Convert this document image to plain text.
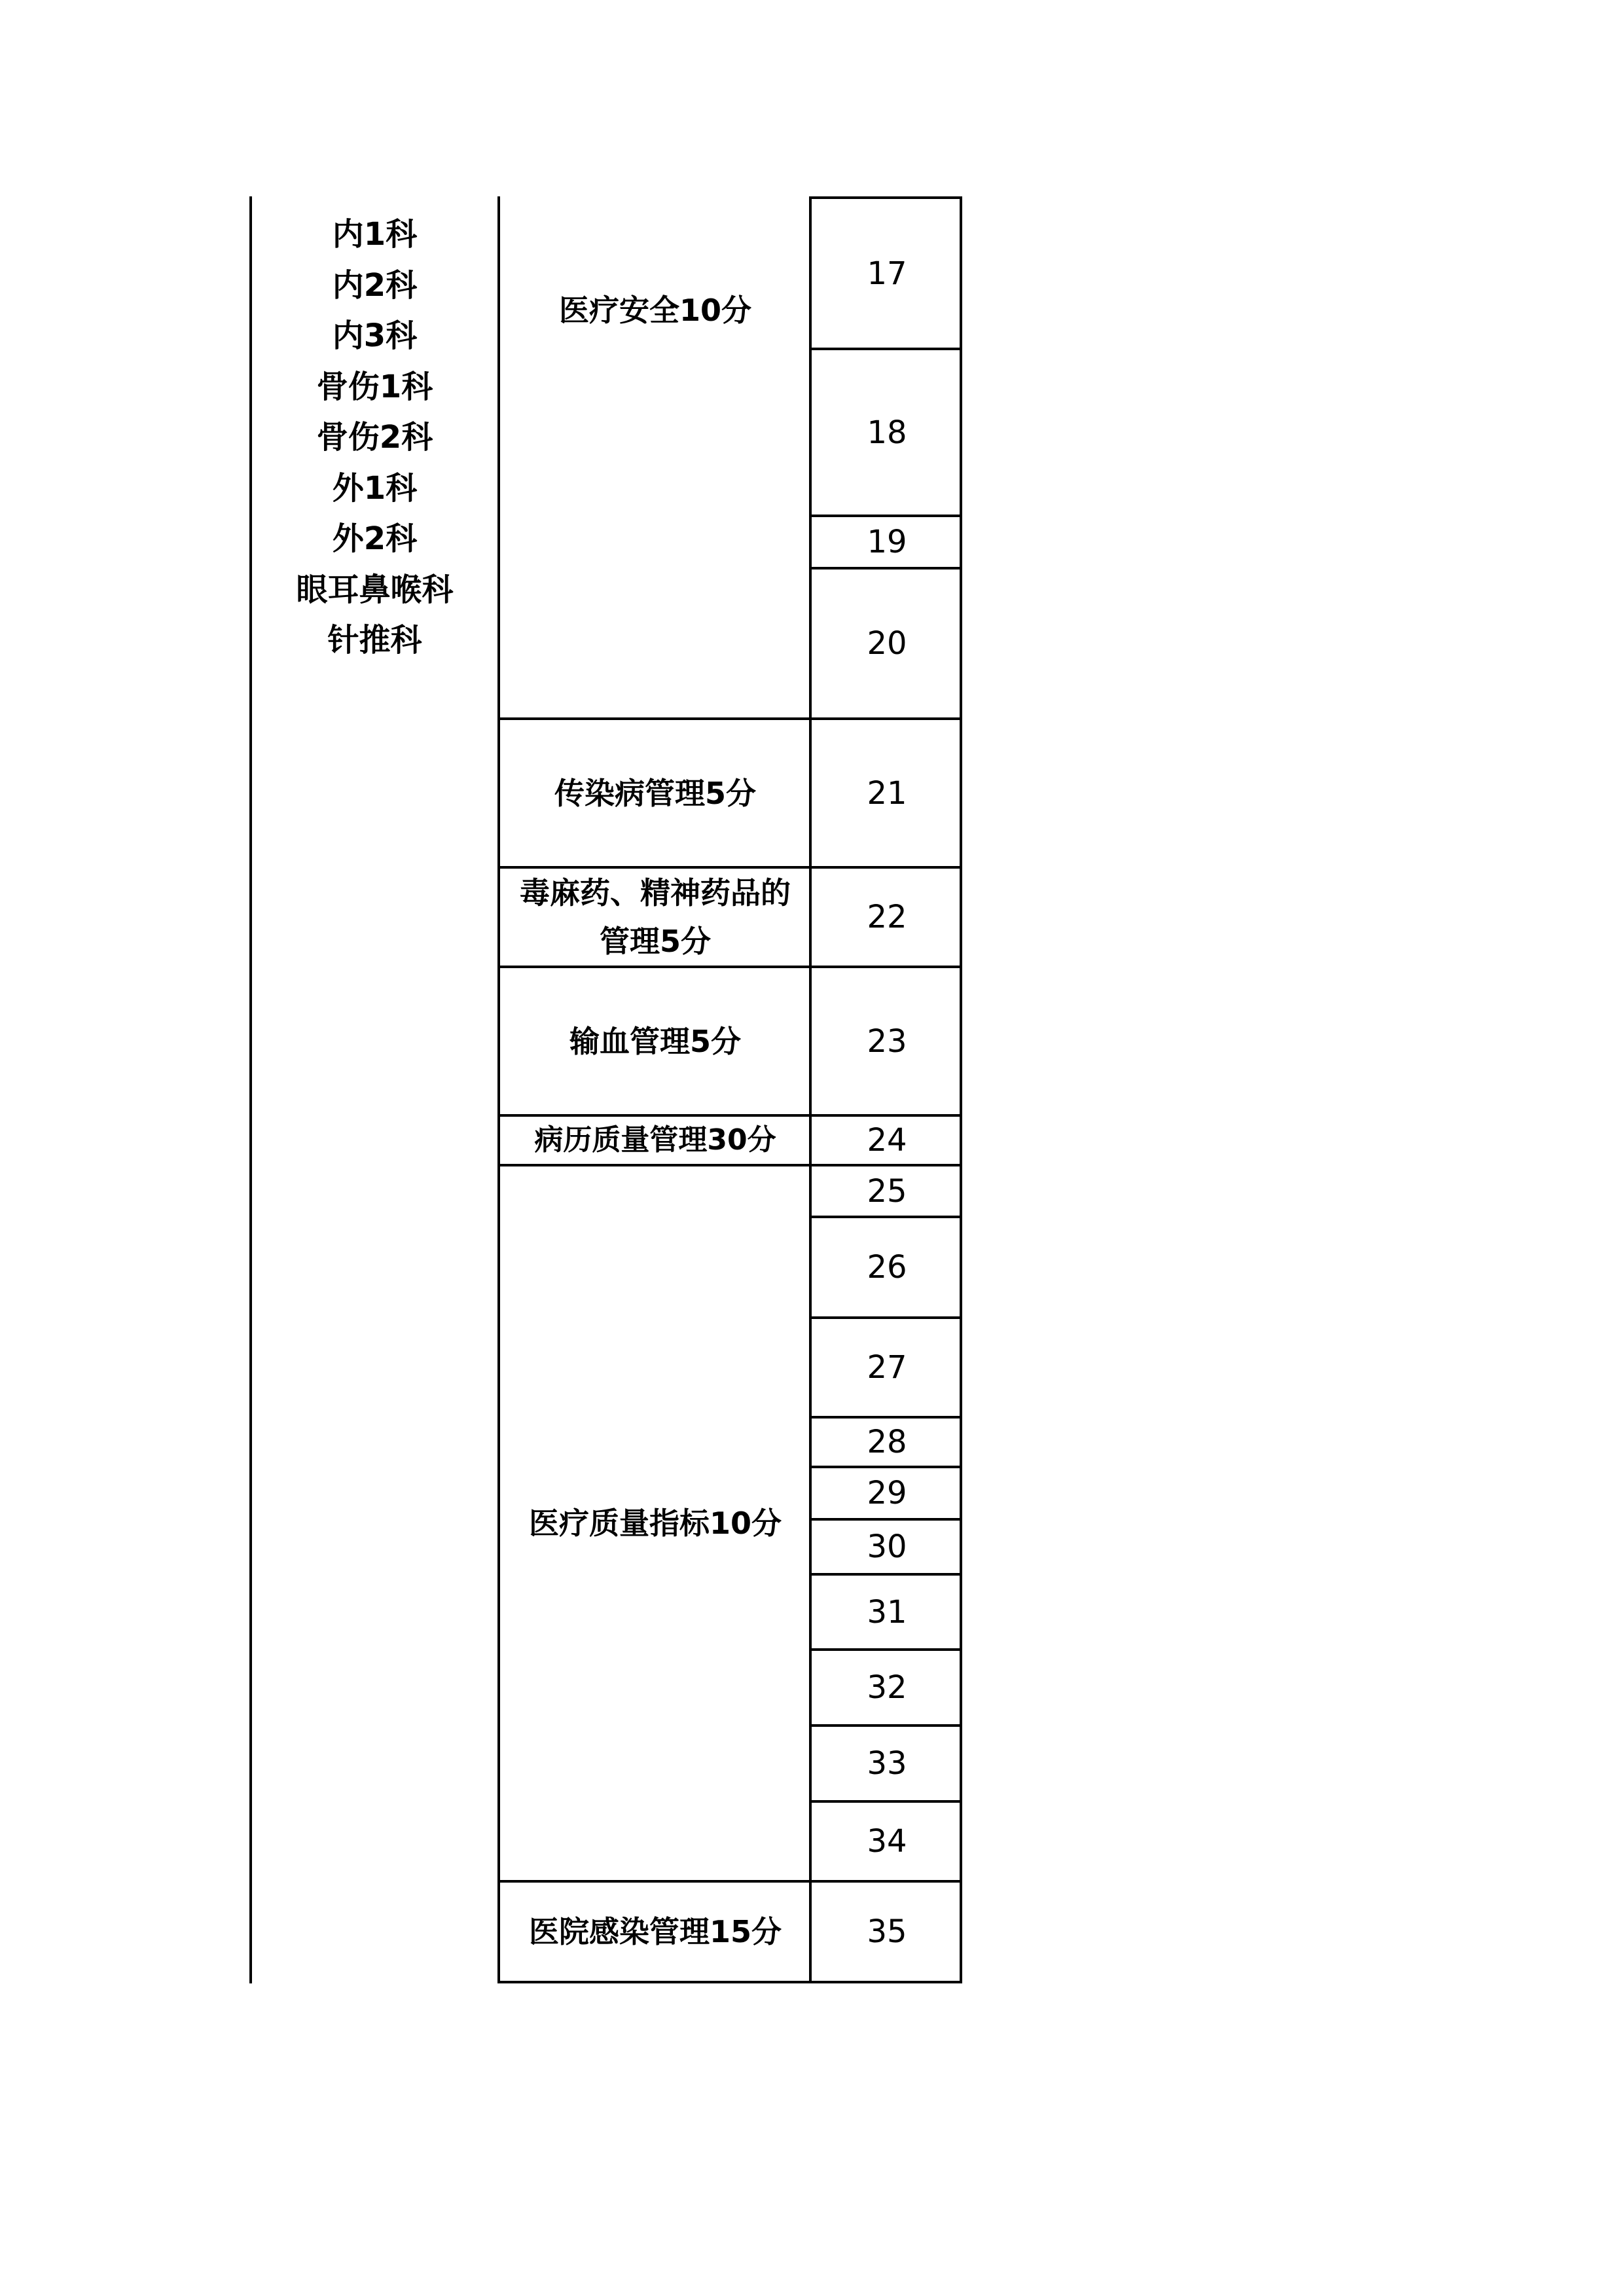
内1科
内2科
内3科
骨伤1科
骨伤2科
外1科
外2科
眼耳鼻喉科
针推科
医疗安全10分
传染病管理5分
毒麻药、精神药品的管理5分
输血管理5分
病历质量管理30分
医疗质量指标10分
医院感染管理15分
17
18
19
20
21
22
23
24
25
26
27
28
29
30
31
32
33
34
35
